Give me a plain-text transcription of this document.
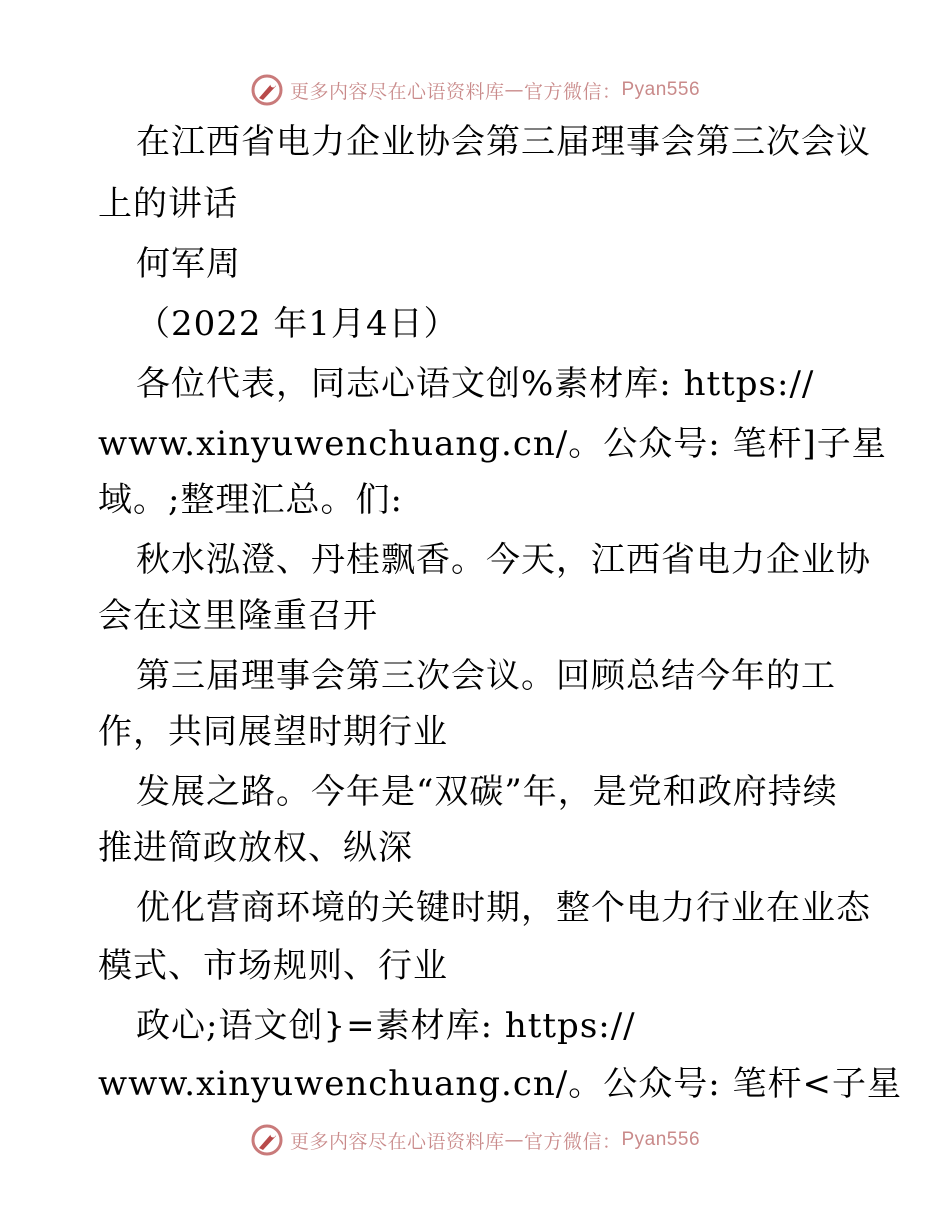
更多内容尽在心语资料库 — 官方微信： Pyan556
在江西省电力企业协会第三届理事会第三次会议
上的讲话
何军周
（2022 年1月4日）
各位代表，同志心语文创%素材库: https://
www.xinyuwenchuang.cn/。公众号: 笔杆]子星
域。;整理汇总。们:
秋水泓澄、丹桂飘香。今天，江西省电力企业协
会在这里隆重召开
第三届理事会第三次会议。回顾总结今年的工
作，共同展望时期行业
发展之路。今年是“双碳”年，是党和政府持续
推进简政放权、纵深
优化营商环境的关键时期，整个电力行业在业态
模式、市场规则、行业
政心;语文创}=素材库: https://
www.xinyuwenchuang.cn/。公众号: 笔杆<子星
更多内容尽在心语资料库 — 官方微信： Pyan556
